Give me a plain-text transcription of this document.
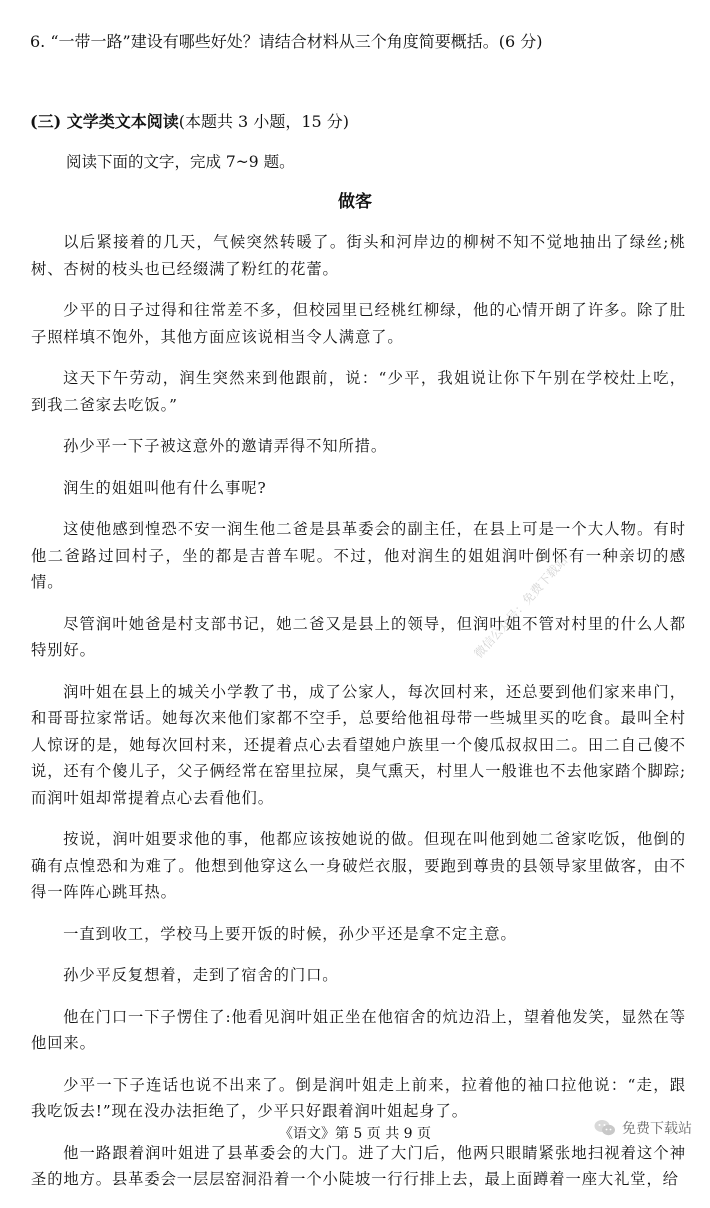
6. “一带一路”建设有哪些好处？请结合材料从三个角度简要概括。(6 分)
(三) 文学类文本阅读(本题共 3 小题，15 分)
阅读下面的文字，完成 7~9 题。
做客

以后紧接着的几天，气候突然转暖了。街头和河岸边的柳树不知不觉地抽出了绿丝;桃树、杏树的枝头也已经缀满了粉红的花蕾。

少平的日子过得和往常差不多，但校园里已经桃红柳绿，他的心情开朗了许多。除了肚子照样填不饱外，其他方面应该说相当令人满意了。

这天下午劳动，润生突然来到他跟前，说：“少平，我姐说让你下午别在学校灶上吃，到我二爸家去吃饭。”

孙少平一下子被这意外的邀请弄得不知所措。

润生的姐姐叫他有什么事呢?

这使他感到惶恐不安一润生他二爸是县革委会的副主任，在县上可是一个大人物。有时他二爸路过回村子，坐的都是吉普车呢。不过，他对润生的姐姐润叶倒怀有一种亲切的感情。

尽管润叶她爸是村支部书记，她二爸又是县上的领导，但润叶姐不管对村里的什么人都特别好。

润叶姐在县上的城关小学教了书，成了公家人，每次回村来，还总要到他们家来串门，和哥哥拉家常话。她每次来他们家都不空手，总要给他祖母带一些城里买的吃食。最叫全村人惊讶的是，她每次回村来，还提着点心去看望她户族里一个傻瓜叔叔田二。田二自己傻不说，还有个傻儿子，父子俩经常在窑里拉屎，臭气熏天，村里人一般谁也不去他家踏个脚踪;而润叶姐却常提着点心去看他们。

按说，润叶姐要求他的事，他都应该按她说的做。但现在叫他到她二爸家吃饭，他倒的确有点惶恐和为难了。他想到他穿这么一身破烂衣服，要跑到尊贵的县领导家里做客，由不得一阵阵心跳耳热。

一直到收工，学校马上要开饭的时候，孙少平还是拿不定主意。

孙少平反复想着，走到了宿舍的门口。

他在门口一下子愣住了:他看见润叶姐正坐在他宿舍的炕边沿上，望着他发笑，显然在等他回来。

少平一下子连话也说不出来了。倒是润叶姐走上前来，拉着他的袖口拉他说：“走，跟我吃饭去!”现在没办法拒绝了，少平只好跟着润叶姐起身了。

他一路跟着润叶姐进了县革委会的大门。进了大门后，他两只眼睛紧张地扫视着这个神圣的地方。县革委会一层层窑洞沿着一个小陡坡一行行排上去，最上面蹲着一座大礼堂，给

微信公众号：免费下载站
《语文》第 5 页 共 9 页	免费下载站
